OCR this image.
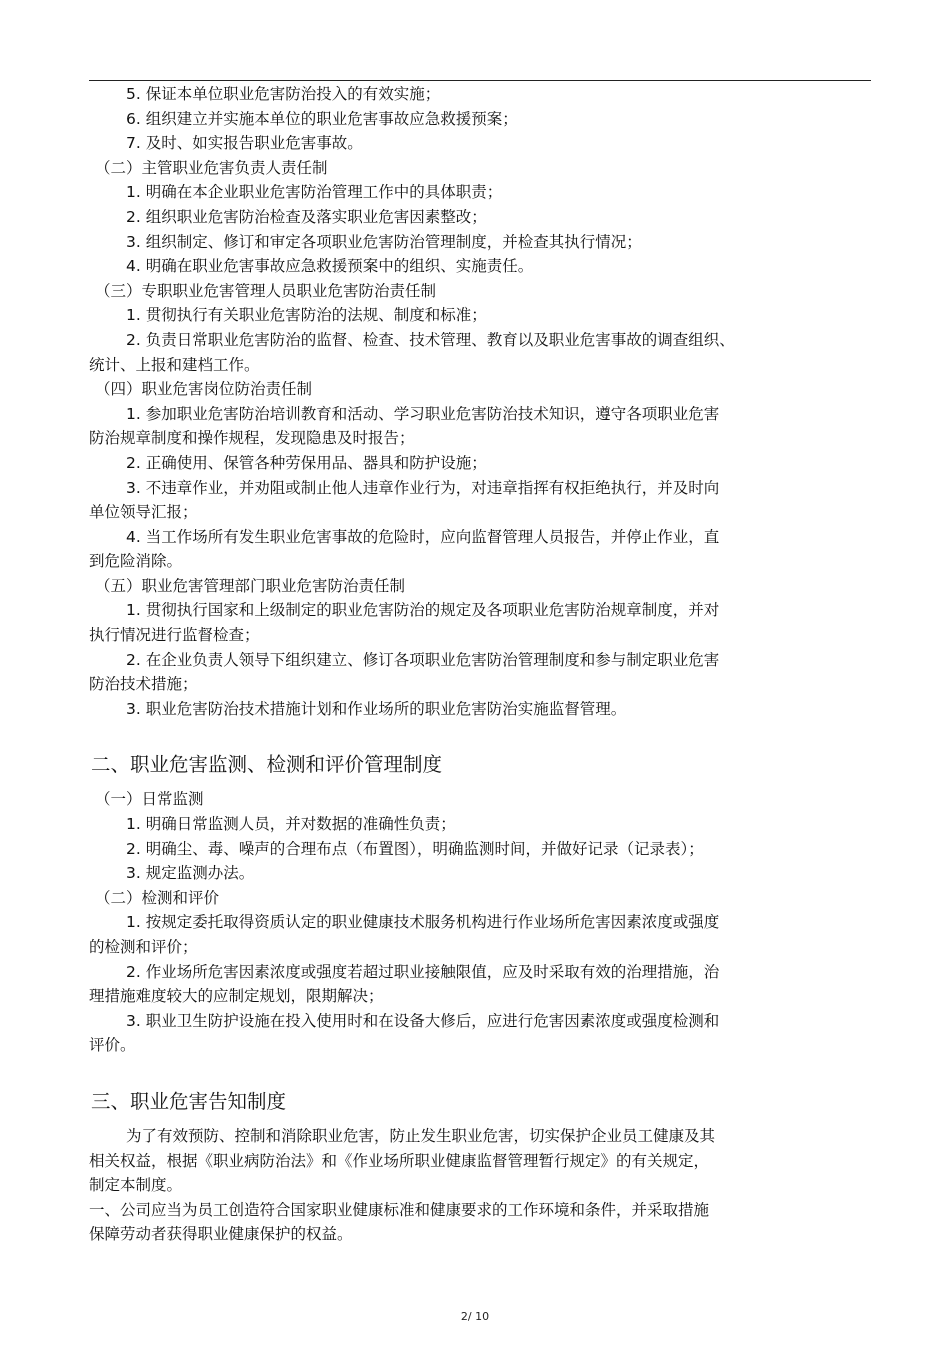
5. 保证本单位职业危害防治投入的有效实施；
6. 组织建立并实施本单位的职业危害事故应急救援预案；
7. 及时、如实报告职业危害事故。
（二）主管职业危害负责人责任制
1. 明确在本企业职业危害防治管理工作中的具体职责；
2. 组织职业危害防治检查及落实职业危害因素整改；
3. 组织制定、修订和审定各项职业危害防治管理制度，并检查其执行情况；
4. 明确在职业危害事故应急救援预案中的组织、实施责任。
（三）专职职业危害管理人员职业危害防治责任制
1. 贯彻执行有关职业危害防治的法规、制度和标准；
2. 负责日常职业危害防治的监督、检查、技术管理、教育以及职业危害事故的调查组织、
统计、上报和建档工作。
（四）职业危害岗位防治责任制
1. 参加职业危害防治培训教育和活动、学习职业危害防治技术知识，遵守各项职业危害
防治规章制度和操作规程，发现隐患及时报告；
2. 正确使用、保管各种劳保用品、器具和防护设施；
3. 不违章作业，并劝阻或制止他人违章作业行为，对违章指挥有权拒绝执行，并及时向
单位领导汇报；
4. 当工作场所有发生职业危害事故的危险时，应向监督管理人员报告，并停止作业，直
到危险消除。
（五）职业危害管理部门职业危害防治责任制
1. 贯彻执行国家和上级制定的职业危害防治的规定及各项职业危害防治规章制度，并对
执行情况进行监督检查；
2. 在企业负责人领导下组织建立、修订各项职业危害防治管理制度和参与制定职业危害
防治技术措施；
3. 职业危害防治技术措施计划和作业场所的职业危害防治实施监督管理。
二、职业危害监测、检测和评价管理制度
（一）日常监测
1. 明确日常监测人员，并对数据的准确性负责；
2. 明确尘、毒、噪声的合理布点（布置图），明确监测时间，并做好记录（记录表）；
3. 规定监测办法。
（二）检测和评价
1. 按规定委托取得资质认定的职业健康技术服务机构进行作业场所危害因素浓度或强度
的检测和评价；
2. 作业场所危害因素浓度或强度若超过职业接触限值，应及时采取有效的治理措施，治
理措施难度较大的应制定规划，限期解决；
3. 职业卫生防护设施在投入使用时和在设备大修后，应进行危害因素浓度或强度检测和
评价。
三、职业危害告知制度
为了有效预防、控制和消除职业危害，防止发生职业危害，切实保护企业员工健康及其
相关权益，根据《职业病防治法》和《作业场所职业健康监督管理暂行规定》的有关规定，
制定本制度。
一、公司应当为员工创造符合国家职业健康标准和健康要求的工作环境和条件，并采取措施
保障劳动者获得职业健康保护的权益。
2/ 10
